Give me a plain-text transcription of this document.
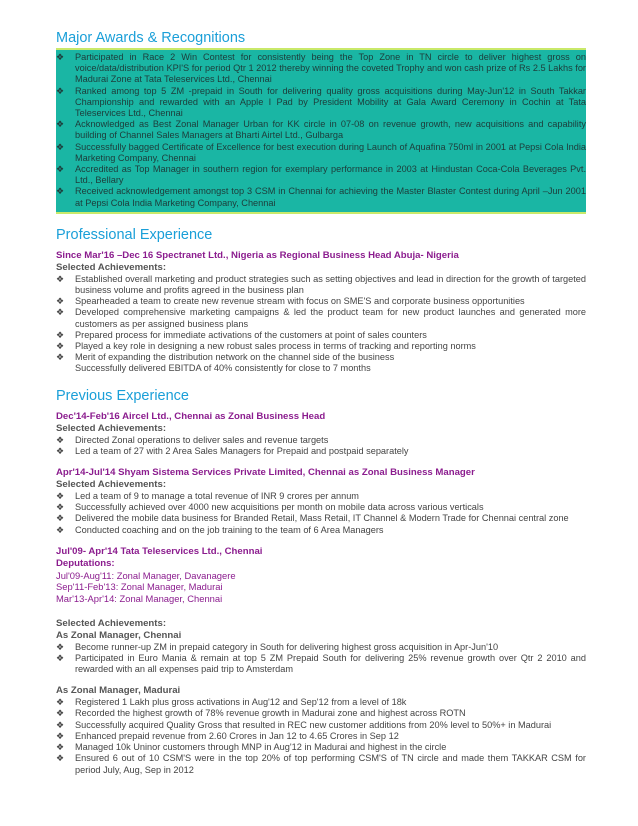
Major Awards & Recognitions
❖	Participated in Race 2 Win Contest for consistently being the Top Zone in TN circle to deliver highest gross on voice/data/distribution KPI'S for period Qtr 1 2012 thereby winning the coveted Trophy and won cash prize of Rs 2.5 Lakhs for Madurai Zone at Tata Teleservices Ltd., Chennai
❖	Ranked among top 5 ZM -prepaid in South for delivering quality gross acquisitions during May-Jun'12 in South Takkar Championship and rewarded with an Apple I Pad by President Mobility at Gala Award Ceremony in Cochin at Tata Teleservices Ltd., Chennai
❖	Acknowledged as Best Zonal Manager Urban for KK circle in 07-08 on revenue growth, new acquisitions and capability building of Channel Sales Managers at Bharti Airtel Ltd., Gulbarga
❖	Successfully bagged Certificate of Excellence for best execution during Launch of Aquafina 750ml in 2001 at Pepsi Cola India Marketing Company, Chennai
❖	Accredited as Top Manager in southern region for exemplary performance in 2003 at Hindustan Coca-Cola Beverages Pvt. Ltd., Bellary
❖	Received acknowledgement amongst top 3 CSM in Chennai for achieving the Master Blaster Contest during April –Jun 2001 at Pepsi Cola India Marketing Company, Chennai
Professional Experience
Since Mar'16 –Dec 16 Spectranet Ltd., Nigeria as Regional Business Head Abuja- Nigeria
Selected Achievements:
❖	Established overall marketing and product strategies such as setting objectives and lead in direction for the growth of targeted business volume and profits agreed in the business plan
❖	Spearheaded a team to create new revenue stream with focus on SME'S and corporate business opportunities
❖	Developed comprehensive marketing campaigns & led the product team for new product launches and generated more customers as per assigned business plans
❖	Prepared process for immediate activations of the customers at point of sales counters
❖	Played a key role in designing a new robust sales process in terms of tracking and reporting norms
❖	Merit of expanding the distribution network on the channel side of the business
Successfully delivered EBITDA of 40% consistently for close to 7 months
Previous Experience
Dec'14-Feb'16 Aircel Ltd., Chennai as Zonal Business Head
Selected Achievements:
❖	Directed Zonal operations to deliver sales and revenue targets
❖	Led a team of 27 with 2 Area Sales Managers for Prepaid and postpaid separately
Apr'14-Jul'14 Shyam Sistema Services Private Limited, Chennai as Zonal Business Manager
Selected Achievements:
❖	Led a team of 9 to manage a total revenue of INR 9 crores per annum
❖	Successfully achieved over 4000 new acquisitions per month on mobile data across various verticals
❖	Delivered the mobile data business for Branded Retail, Mass Retail, IT Channel & Modern Trade for Chennai central zone
❖	Conducted coaching and on the job training to the team of 6 Area Managers
Jul'09- Apr'14 Tata Teleservices Ltd., Chennai
Deputations:
Jul'09-Aug'11: Zonal Manager, Davanagere
Sep'11-Feb'13: Zonal Manager, Madurai
Mar'13-Apr'14: Zonal Manager, Chennai
Selected Achievements:
As Zonal Manager, Chennai
❖	Become runner-up ZM in prepaid category in South for delivering highest gross acquisition in Apr-Jun'10
❖	Participated in Euro Mania & remain at top 5 ZM Prepaid South for delivering 25% revenue growth over Qtr 2 2010 and rewarded with an all expenses paid trip to Amsterdam
As Zonal Manager, Madurai
❖	Registered 1 Lakh plus gross activations in Aug'12 and Sep'12 from a level of 18k
❖	Recorded the highest growth of 78% revenue growth in Madurai zone and highest across ROTN
❖	Successfully acquired Quality Gross that resulted in REC new customer additions from 20% level to 50%+ in Madurai
❖	Enhanced prepaid revenue from 2.60 Crores in Jan 12 to 4.65 Crores in Sep 12
❖	Managed 10k Uninor customers through MNP in Aug'12 in Madurai and highest in the circle
❖	Ensured 6 out of 10 CSM'S were in the top 20% of top performing CSM'S of TN circle and made them TAKKAR CSM for period July, Aug, Sep in 2012
